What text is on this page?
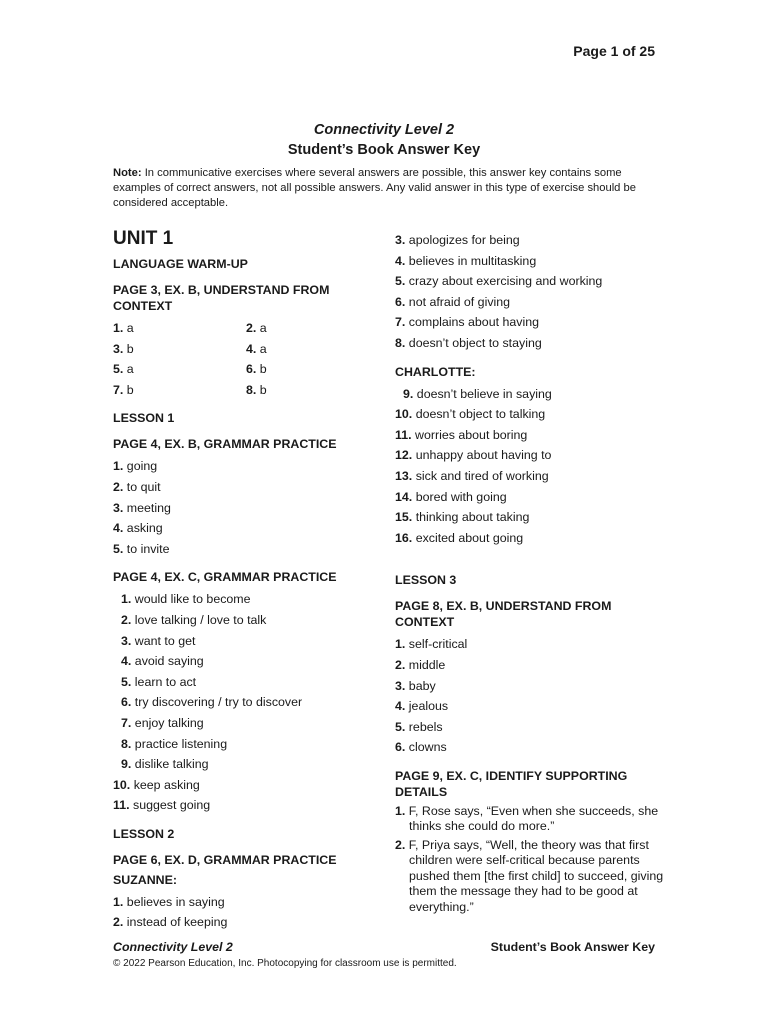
Page 1 of 25
Connectivity Level 2
Student’s Book Answer Key
Note: In communicative exercises where several answers are possible, this answer key contains some examples of correct answers, not all possible answers. Any valid answer in this type of exercise should be considered acceptable.
UNIT 1
LANGUAGE WARM-UP
PAGE 3, EX. B, UNDERSTAND FROM CONTEXT
1. a	2. a
3. b	4. a
5. a	6. b
7. b	8. b
LESSON 1
PAGE 4, EX. B, GRAMMAR PRACTICE
1. going
2. to quit
3. meeting
4. asking
5. to invite
PAGE 4, EX. C, GRAMMAR PRACTICE
1. would like to become
2. love talking / love to talk
3. want to get
4. avoid saying
5. learn to act
6. try discovering / try to discover
7. enjoy talking
8. practice listening
9. dislike talking
10. keep asking
11. suggest going
LESSON 2
PAGE 6, EX. D, GRAMMAR PRACTICE
SUZANNE:
1. believes in saying
2. instead of keeping
3. apologizes for being
4. believes in multitasking
5. crazy about exercising and working
6. not afraid of giving
7. complains about having
8. doesn’t object to staying
CHARLOTTE:
9. doesn’t believe in saying
10. doesn’t object to talking
11. worries about boring
12. unhappy about having to
13. sick and tired of working
14. bored with going
15. thinking about taking
16. excited about going
LESSON 3
PAGE 8, EX. B, UNDERSTAND FROM CONTEXT
1. self-critical
2. middle
3. baby
4. jealous
5. rebels
6. clowns
PAGE 9, EX. C, IDENTIFY SUPPORTING DETAILS
1. F, Rose says, “Even when she succeeds, she thinks she could do more.”
2. F, Priya says, “Well, the theory was that first children were self-critical because parents pushed them [the first child] to succeed, giving them the message they had to be good at everything.”
Connectivity Level 2	Student’s Book Answer Key
© 2022 Pearson Education, Inc. Photocopying for classroom use is permitted.
